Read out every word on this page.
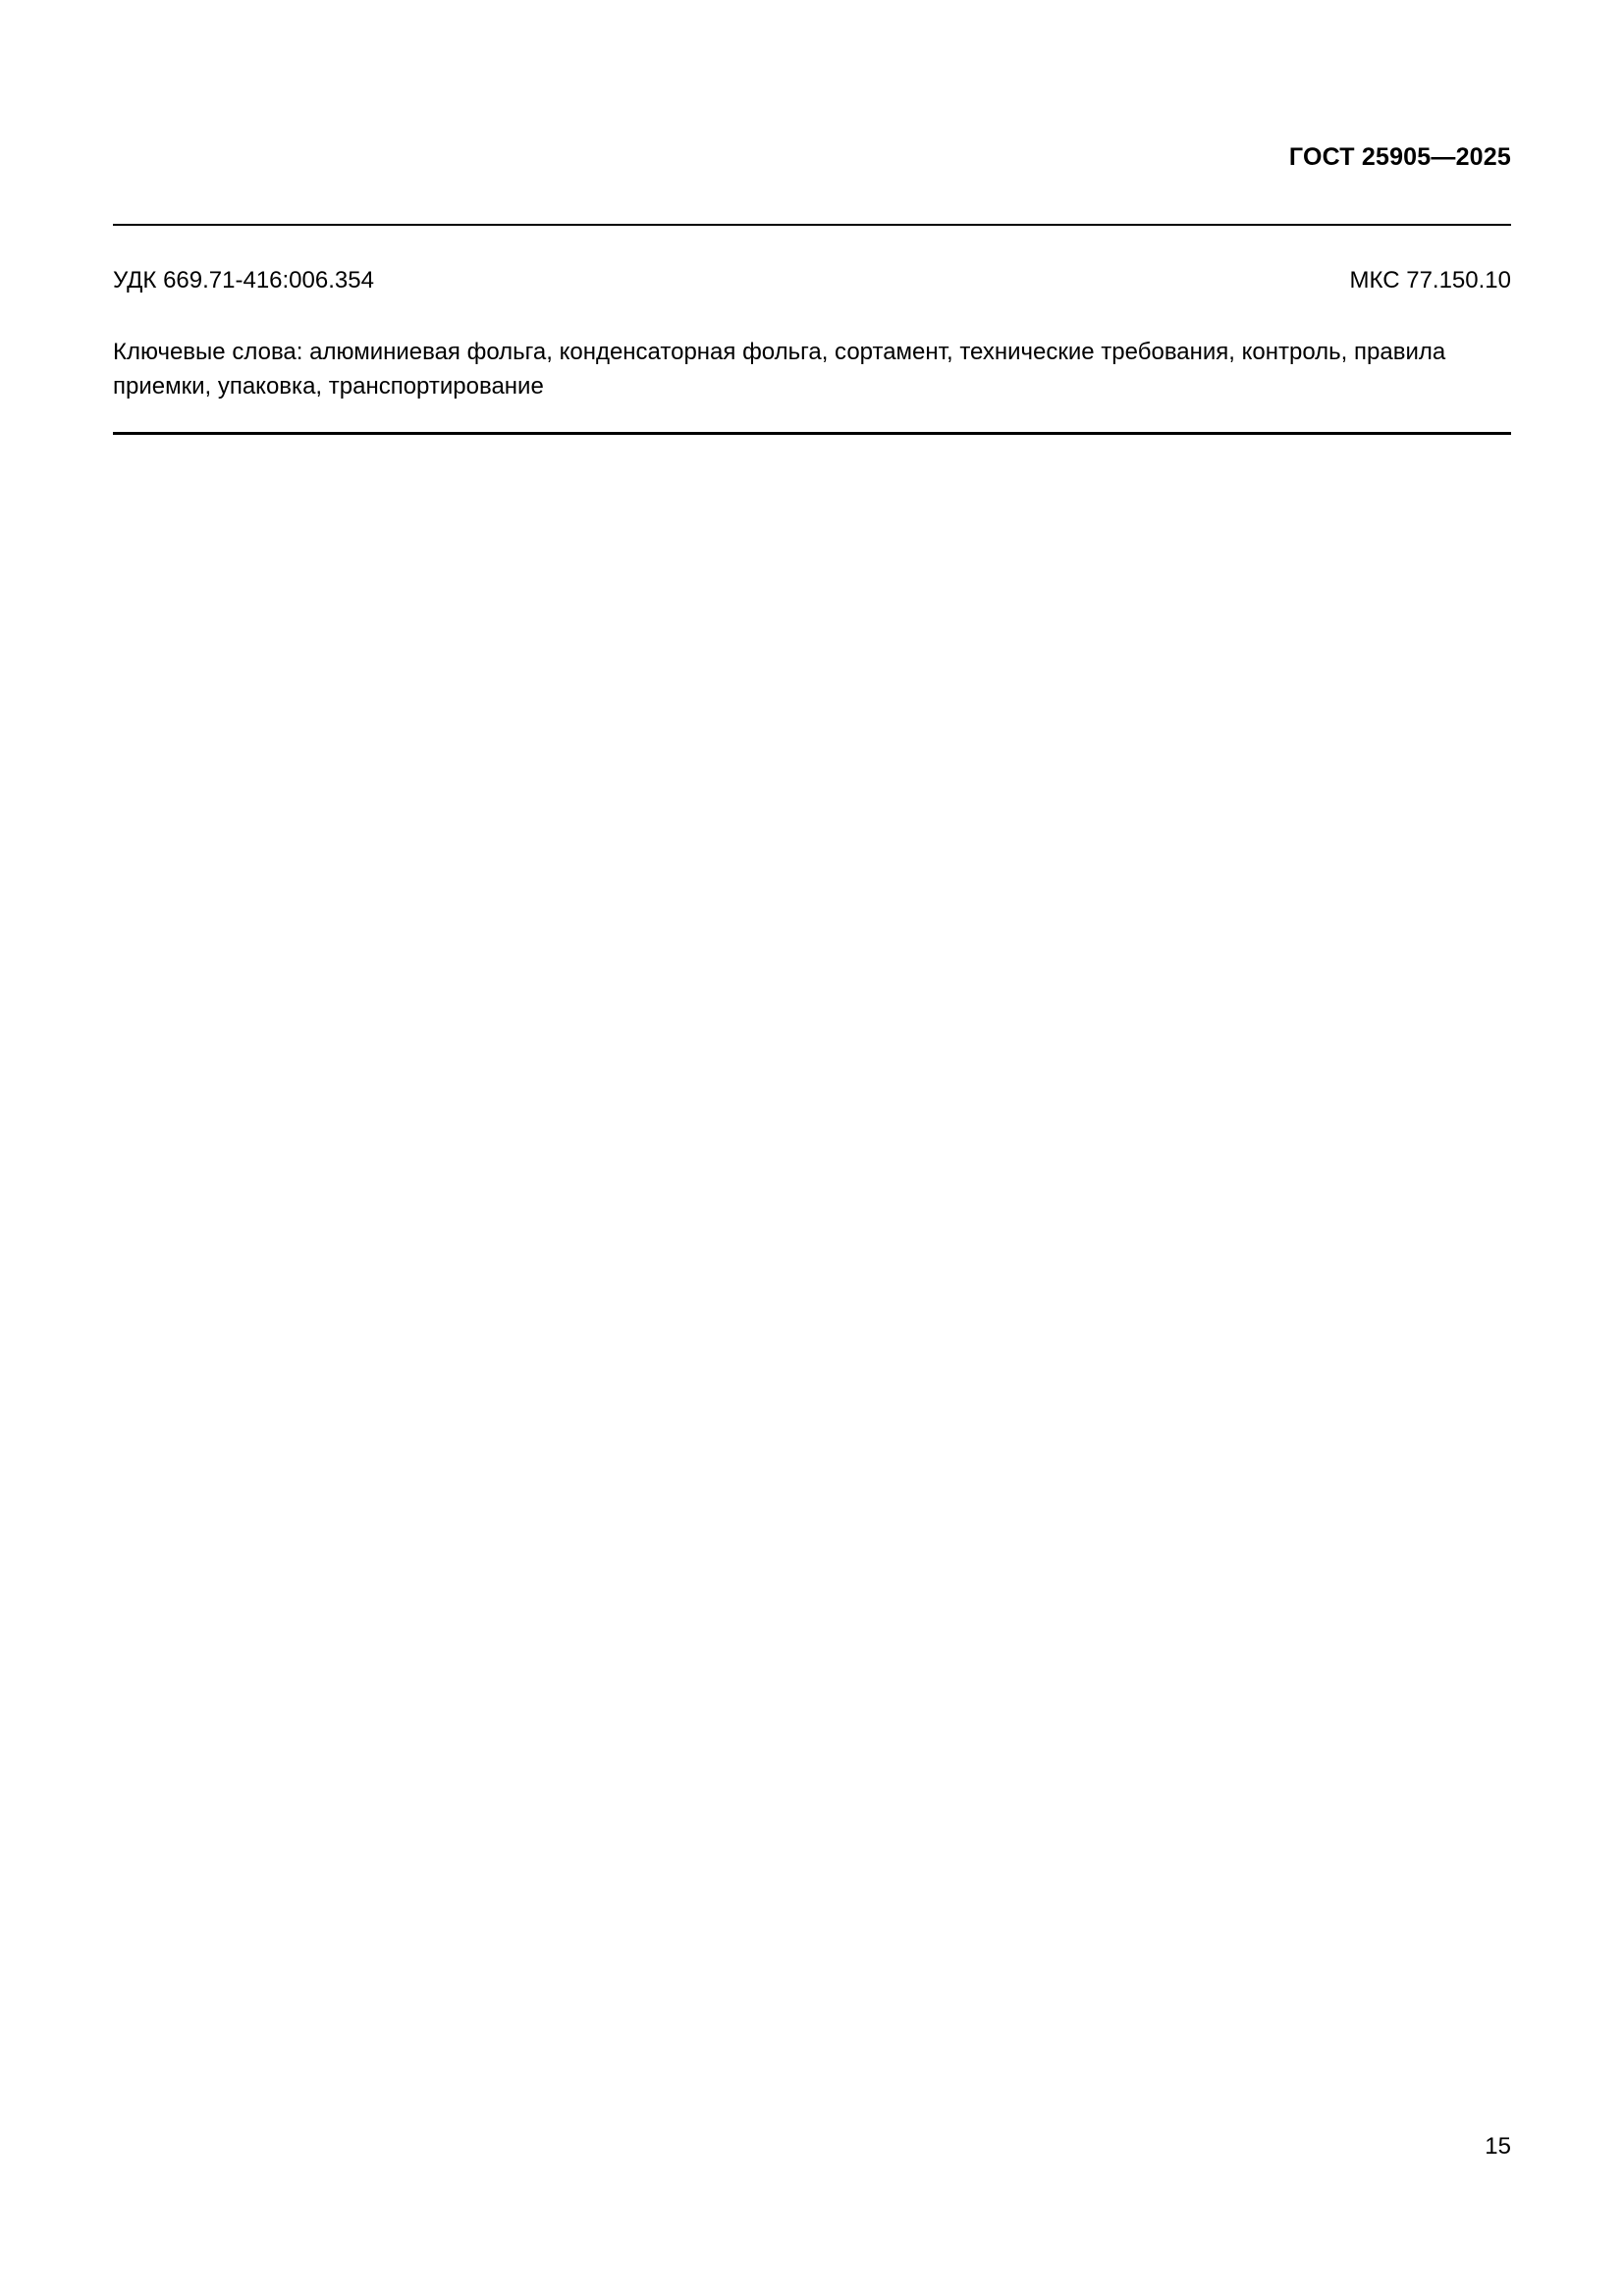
ГОСТ 25905—2025
УДК 669.71-416:006.354	МКС 77.150.10
Ключевые слова: алюминиевая фольга, конденсаторная фольга, сортамент, технические требования, контроль, правила приемки, упаковка, транспортирование
15
